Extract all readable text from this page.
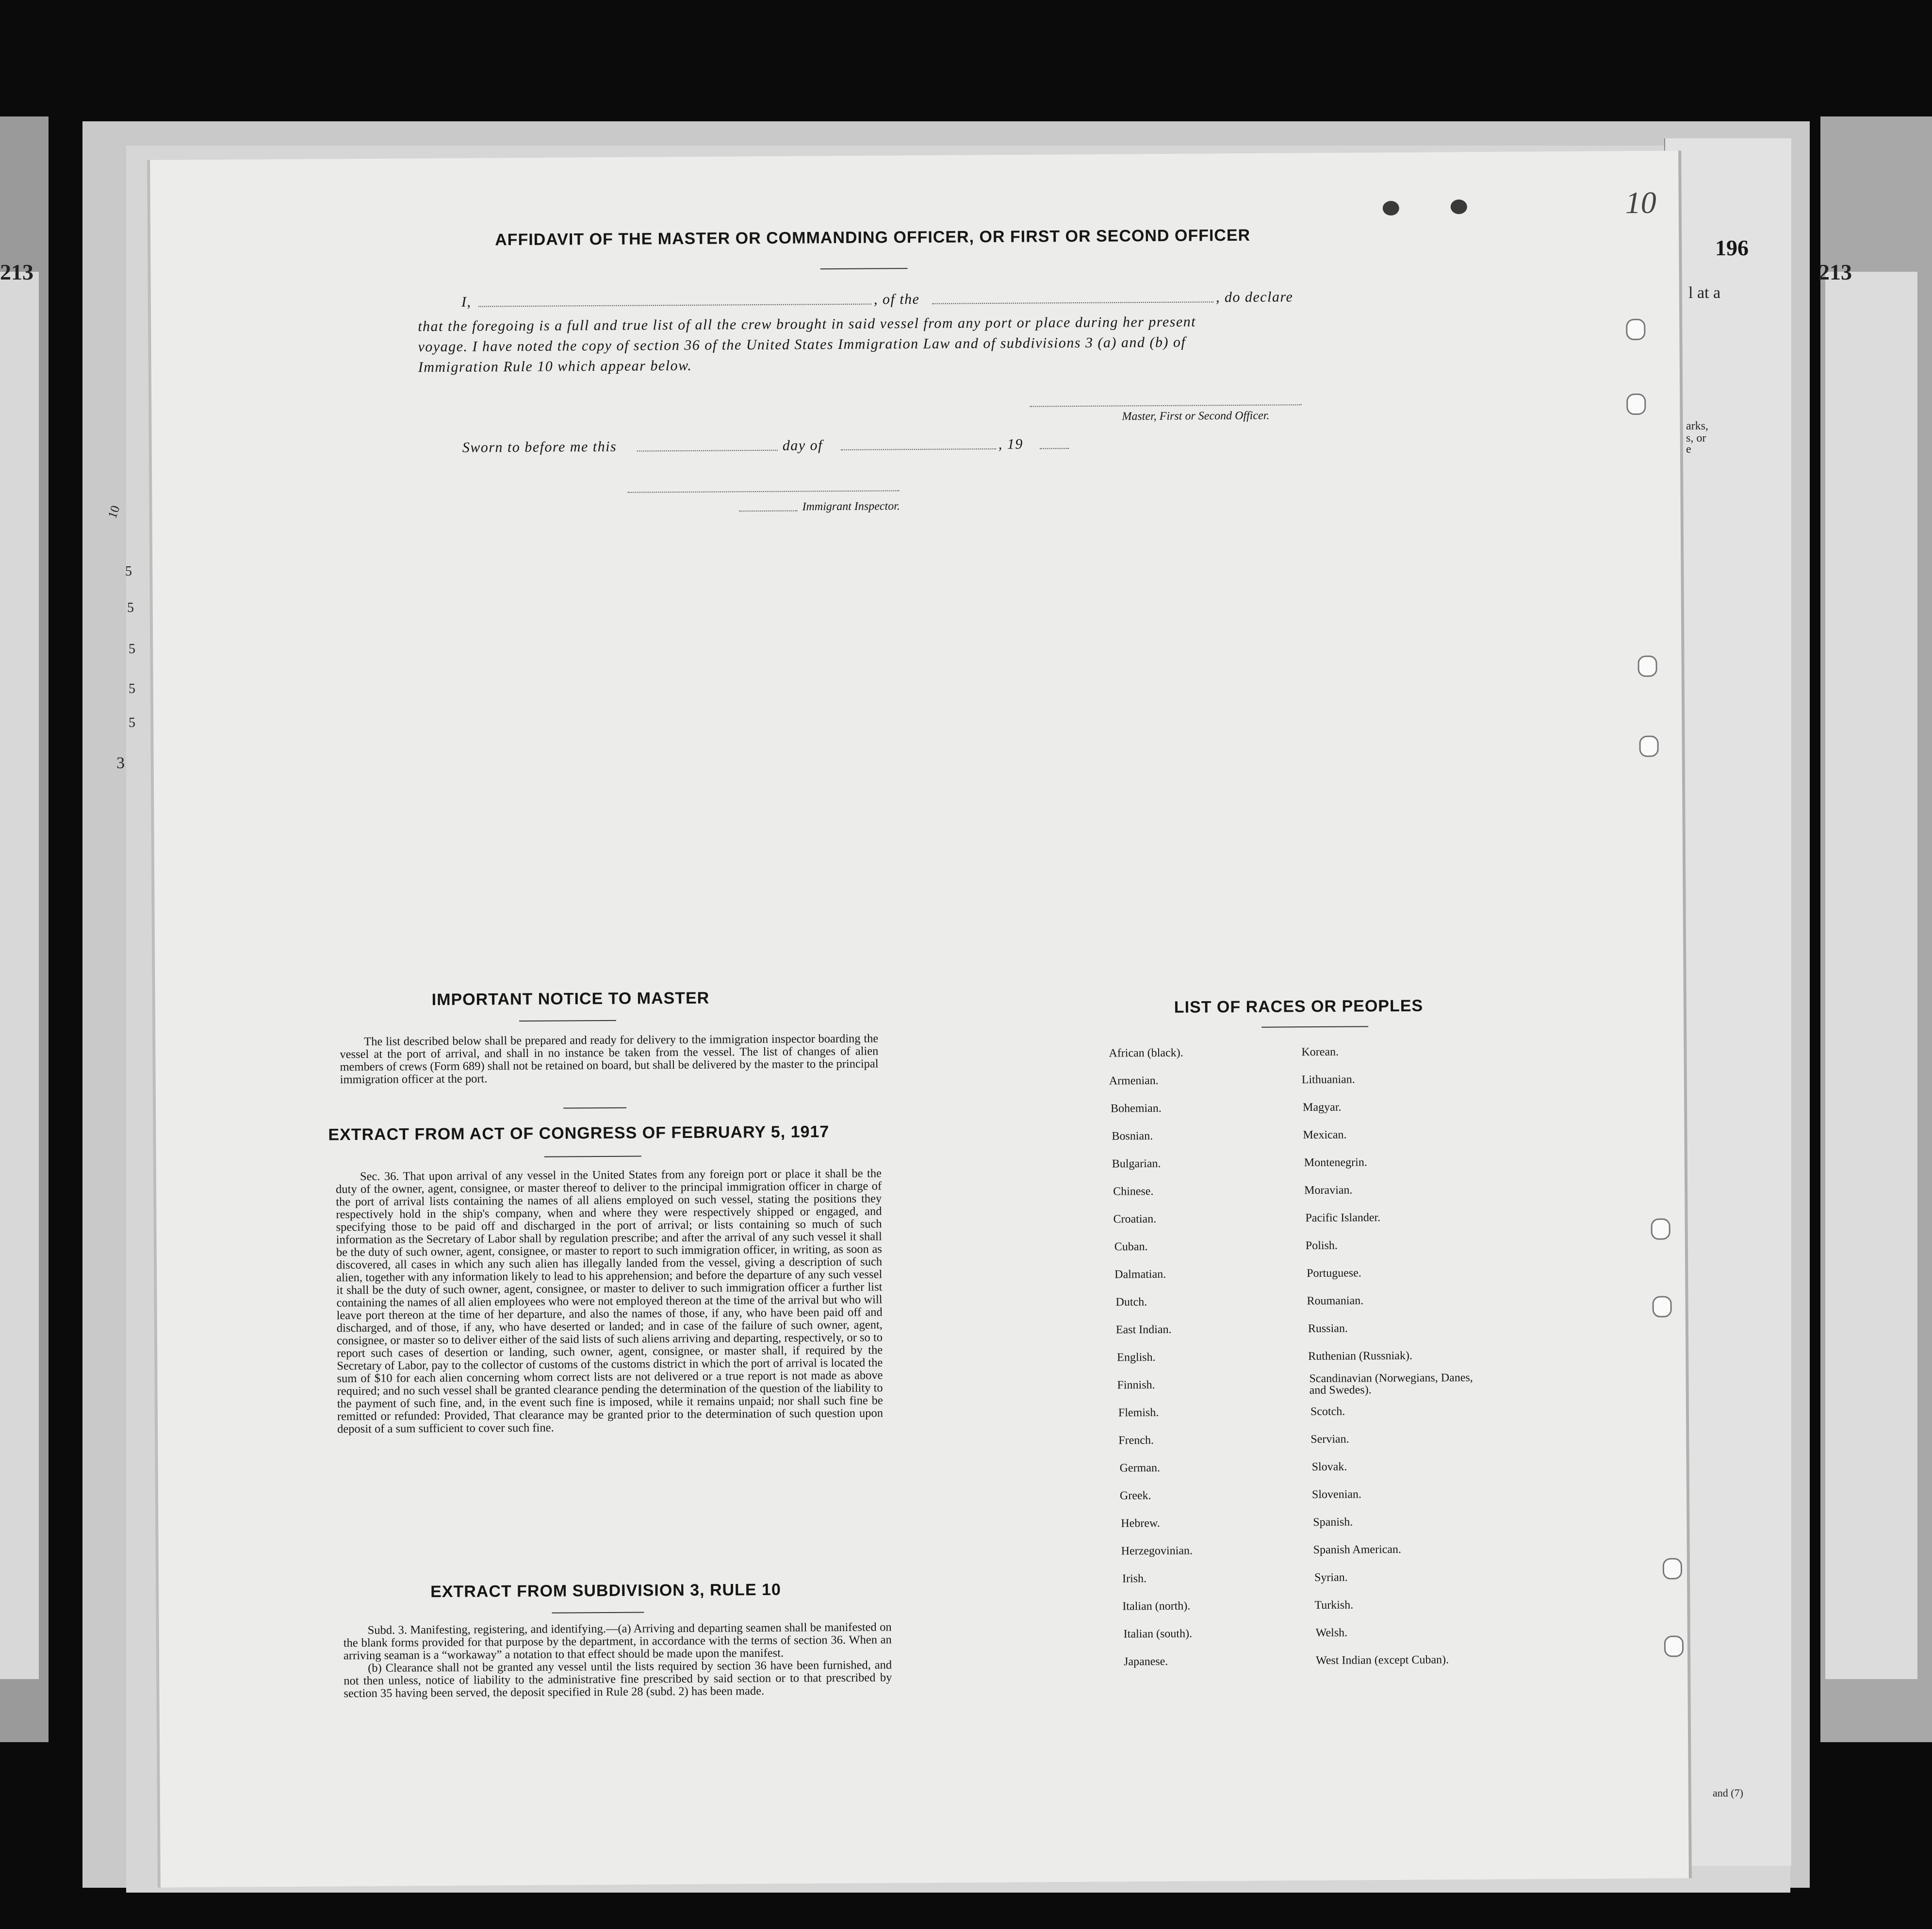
213	213
l at a
arks,
s, or
e
and (7)
10
5
5
5
5
5
3
10
AFFIDAVIT OF THE MASTER OR COMMANDING OFFICER, OR FIRST OR SECOND OFFICER
I,	, of the	, do declare
that the foregoing is a full and true list of all the crew brought in said vessel from any port or place during her present
voyage. I have noted the copy of section 36 of the United States Immigration Law and of subdivisions 3 (a) and (b) of
Immigration Rule 10 which appear below.
Master, First or Second Officer.
Sworn to before me this	day of	, 19
Immigrant Inspector.
IMPORTANT NOTICE TO MASTER

The list described below shall be prepared and ready for delivery to the immigration inspector boarding the vessel at the port of arrival, and shall in no instance be taken from the vessel. The list of changes of alien members of crews (Form 689) shall not be retained on board, but shall be delivered by the master to the principal immigration officer at the port.

EXTRACT FROM ACT OF CONGRESS OF FEBRUARY 5, 1917

Sec. 36. That upon arrival of any vessel in the United States from any foreign port or place it shall be the duty of the owner, agent, consignee, or master thereof to deliver to the principal immigration officer in charge of the port of arrival lists containing the names of all aliens employed on such vessel, stating the positions they respectively hold in the ship's company, when and where they were respectively shipped or engaged, and specifying those to be paid off and discharged in the port of arrival; or lists containing so much of such information as the Secretary of Labor shall by regulation prescribe; and after the arrival of any such vessel it shall be the duty of such owner, agent, consignee, or master to report to such immigration officer, in writing, as soon as discovered, all cases in which any such alien has illegally landed from the vessel, giving a description of such alien, together with any information likely to lead to his apprehension; and before the departure of any such vessel it shall be the duty of such owner, agent, consignee, or master to deliver to such immigration officer a further list containing the names of all alien employees who were not employed thereon at the time of the arrival but who will leave port thereon at the time of her departure, and also the names of those, if any, who have been paid off and discharged, and of those, if any, who have deserted or landed; and in case of the failure of such owner, agent, consignee, or master so to deliver either of the said lists of such aliens arriving and departing, respectively, or so to report such cases of desertion or landing, such owner, agent, consignee, or master shall, if required by the Secretary of Labor, pay to the collector of customs of the customs district in which the port of arrival is located the sum of $10 for each alien concerning whom correct lists are not delivered or a true report is not made as above required; and no such vessel shall be granted clearance pending the determination of the question of the liability to the payment of such fine, and, in the event such fine is imposed, while it remains unpaid; nor shall such fine be remitted or refunded: Provided, That clearance may be granted prior to the determination of such question upon deposit of a sum sufficient to cover such fine.

EXTRACT FROM SUBDIVISION 3, RULE 10

Subd. 3. Manifesting, registering, and identifying.—(a) Arriving and departing seamen shall be manifested on the blank forms provided for that purpose by the department, in accordance with the terms of section 36. When an arriving seaman is a “workaway” a notation to that effect should be made upon the manifest.

(b) Clearance shall not be granted any vessel until the lists required by section 36 have been furnished, and not then unless, notice of liability to the administrative fine prescribed by said section or to that prescribed by section 35 having been served, the deposit specified in Rule 28 (subd. 2) has been made.

LIST OF RACES OR PEOPLES
African (black).
Armenian.
Bohemian.
Bosnian.
Bulgarian.
Chinese.
Croatian.
Cuban.
Dalmatian.
Dutch.
East Indian.
English.
Finnish.
Flemish.
French.
German.
Greek.
Hebrew.
Herzegovinian.
Irish.
Italian (north).
Italian (south).
Japanese.
Korean.
Lithuanian.
Magyar.
Mexican.
Montenegrin.
Moravian.
Pacific Islander.
Polish.
Portuguese.
Roumanian.
Russian.
Ruthenian (Russniak).
Scandinavian (Norwegians, Danes, and Swedes).
Scotch.
Servian.
Slovak.
Slovenian.
Spanish.
Spanish American.
Syrian.
Turkish.
Welsh.
West Indian (except Cuban).
196
